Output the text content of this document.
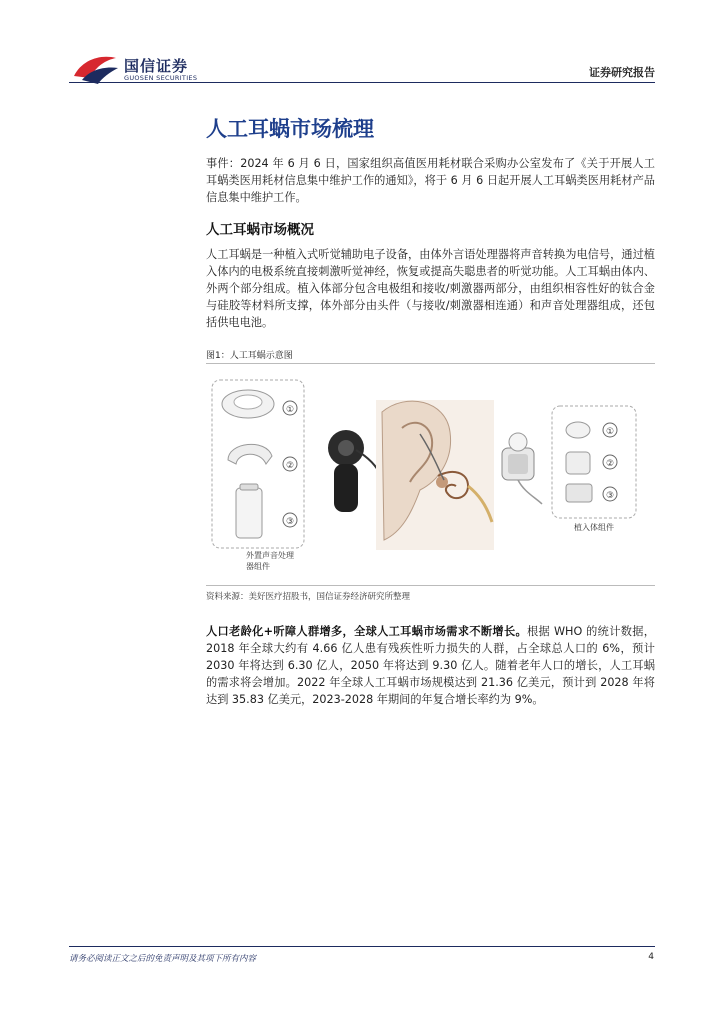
国信证券
GUOSEN SECURITIES	证券研究报告
人工耳蜗市场梳理
事件：2024 年 6 月 6 日，国家组织高值医用耗材联合采购办公室发布了《关于开展人工耳蜗类医用耗材信息集中维护工作的通知》，将于 6 月 6 日起开展人工耳蜗类医用耗材产品信息集中维护工作。
人工耳蜗市场概况
人工耳蜗是一种植入式听觉辅助电子设备，由体外言语处理器将声音转换为电信号，通过植入体内的电极系统直接刺激听觉神经，恢复或提高失聪患者的听觉功能。人工耳蜗由体内、外两个部分组成。植入体部分包含电极组和接收/刺激器两部分，由组织相容性好的钛合金与硅胶等材料所支撑，体外部分由头件（与接收/刺激器相连通）和声音处理器组成，还包括供电电池。
图1：人工耳蜗示意图
①
②
③
外置声音处理器组件
①
②
③
植入体组件
资料来源：美好医疗招股书，国信证券经济研究所整理
人口老龄化+听障人群增多，全球人工耳蜗市场需求不断增长。根据 WHO 的统计数据，2018 年全球大约有 4.66 亿人患有残疾性听力损失的人群，占全球总人口的 6%，预计 2030 年将达到 6.30 亿人，2050 年将达到 9.30 亿人。随着老年人口的增长，人工耳蜗的需求将会增加。2022 年全球人工耳蜗市场规模达到 21.36 亿美元，预计到 2028 年将达到 35.83 亿美元，2023-2028 年期间的年复合增长率约为 9%。
请务必阅读正文之后的免责声明及其项下所有内容	4
